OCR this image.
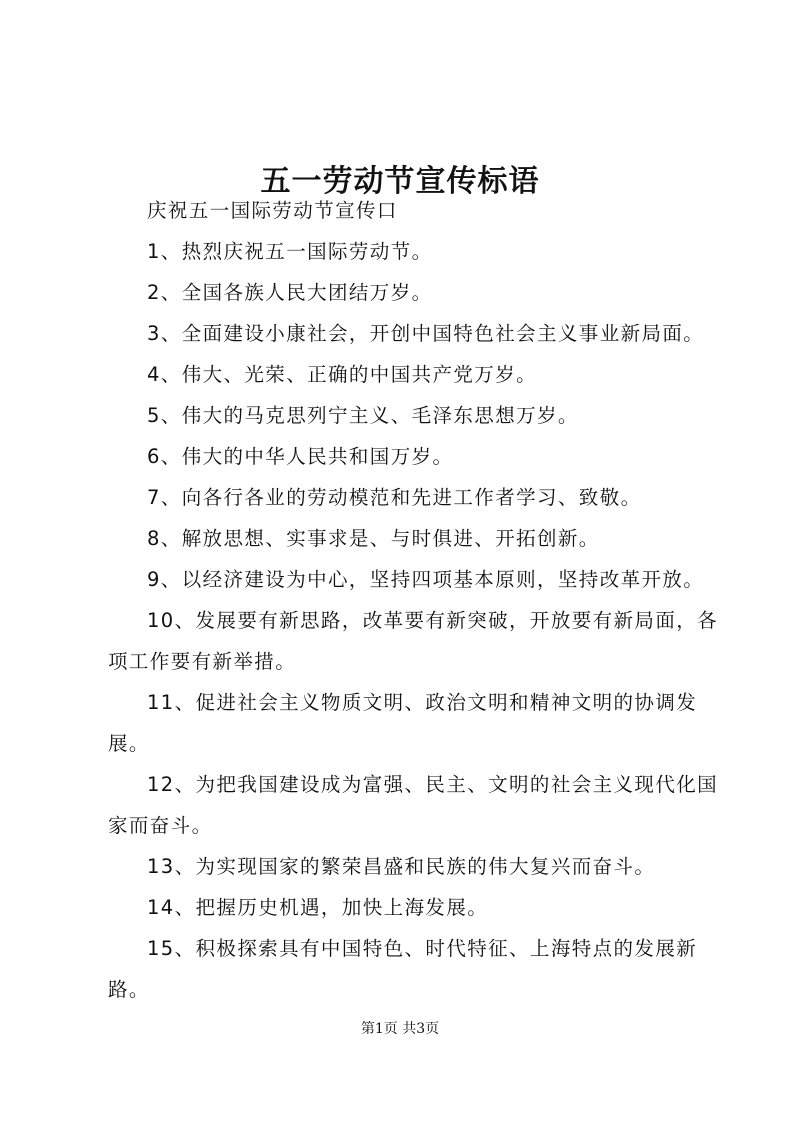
五一劳动节宣传标语

庆祝五一国际劳动节宣传口

1、热烈庆祝五一国际劳动节。

2、全国各族人民大团结万岁。

3、全面建设小康社会，开创中国特色社会主义事业新局面。

4、伟大、光荣、正确的中国共产党万岁。

5、伟大的马克思列宁主义、毛泽东思想万岁。

6、伟大的中华人民共和国万岁。

7、向各行各业的劳动模范和先进工作者学习、致敬。

8、解放思想、实事求是、与时俱进、开拓创新。

9、以经济建设为中心，坚持四项基本原则，坚持改革开放。

10、发展要有新思路，改革要有新突破，开放要有新局面，各项工作要有新举措。

11、促进社会主义物质文明、政治文明和精神文明的协调发展。

12、为把我国建设成为富强、民主、文明的社会主义现代化国家而奋斗。

13、为实现国家的繁荣昌盛和民族的伟大复兴而奋斗。

14、把握历史机遇，加快上海发展。

15、积极探索具有中国特色、时代特征、上海特点的发展新路。

第1页 共3页
